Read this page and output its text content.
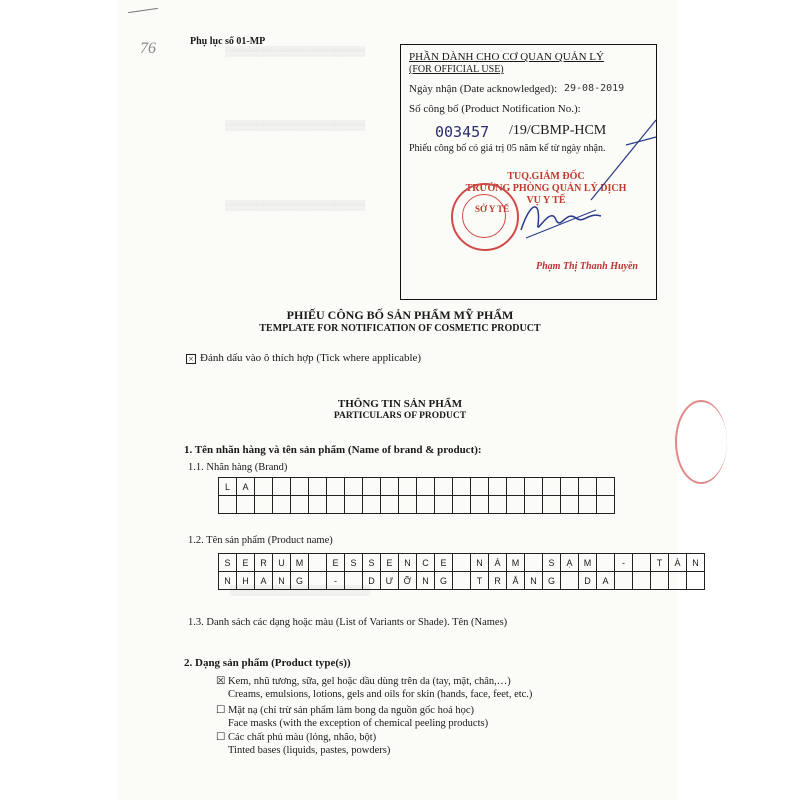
76	Phụ lục số 01-MP
▒▒▒▒▒▒▒▒▒▒▒▒▒▒▒▒▒▒▒▒▒▒
▒▒▒▒▒▒▒▒▒▒▒▒▒▒▒▒▒▒▒▒▒▒
▒▒▒▒▒▒▒▒▒▒▒▒▒▒▒▒▒▒▒▒▒▒
▒▒▒▒▒▒▒▒▒▒▒▒▒▒▒▒▒▒▒▒▒▒
PHẦN DÀNH CHO CƠ QUAN QUẢN LÝ
(FOR OFFICIAL USE)
Ngày nhận (Date acknowledged): 29-08-2019
Số công bố (Product Notification No.):
003457 /19/CBMP-HCM
Phiếu công bố có giá trị 05 năm kể từ ngày nhận.
TUQ.GIÁM ĐỐC
TRƯỞNG PHÒNG QUẢN LÝ DỊCH VỤ Y TẾ
SỞ Y TẾ
Phạm Thị Thanh Huyền
PHIẾU CÔNG BỐ SẢN PHẨM MỸ PHẨM
TEMPLATE FOR NOTIFICATION OF COSMETIC PRODUCT
× Đánh dấu vào ô thích hợp (Tick where applicable)
THÔNG TIN SẢN PHẨM
PARTICULARS OF PRODUCT
1. Tên nhãn hàng và tên sản phẩm (Name of brand & product):
1.1. Nhãn hàng (Brand)
L	A																				

1.2. Tên sản phẩm (Product name)
S	E	R	U	M		E	S	S	E	N	C	E		N	Á	M		S	Ạ	M		-		T	À	N
N	H	A	N	G		-		D	Ư	Ỡ	N	G		T	R	Ắ	N	G		D	A					
1.3. Danh sách các dạng hoặc màu (List of Variants or Shade). Tên (Names)
2. Dạng sản phẩm (Product type(s))
☒ Kem, nhũ tương, sữa, gel hoặc dầu dùng trên da (tay, mặt, chân,…)
Creams, emulsions, lotions, gels and oils for skin (hands, face, feet, etc.)
☐ Mặt nạ (chỉ trừ sản phẩm làm bong da nguồn gốc hoá học)
Face masks (with the exception of chemical peeling products)
☐ Các chất phủ màu (lỏng, nhão, bột)
Tinted bases (liquids, pastes, powders)
